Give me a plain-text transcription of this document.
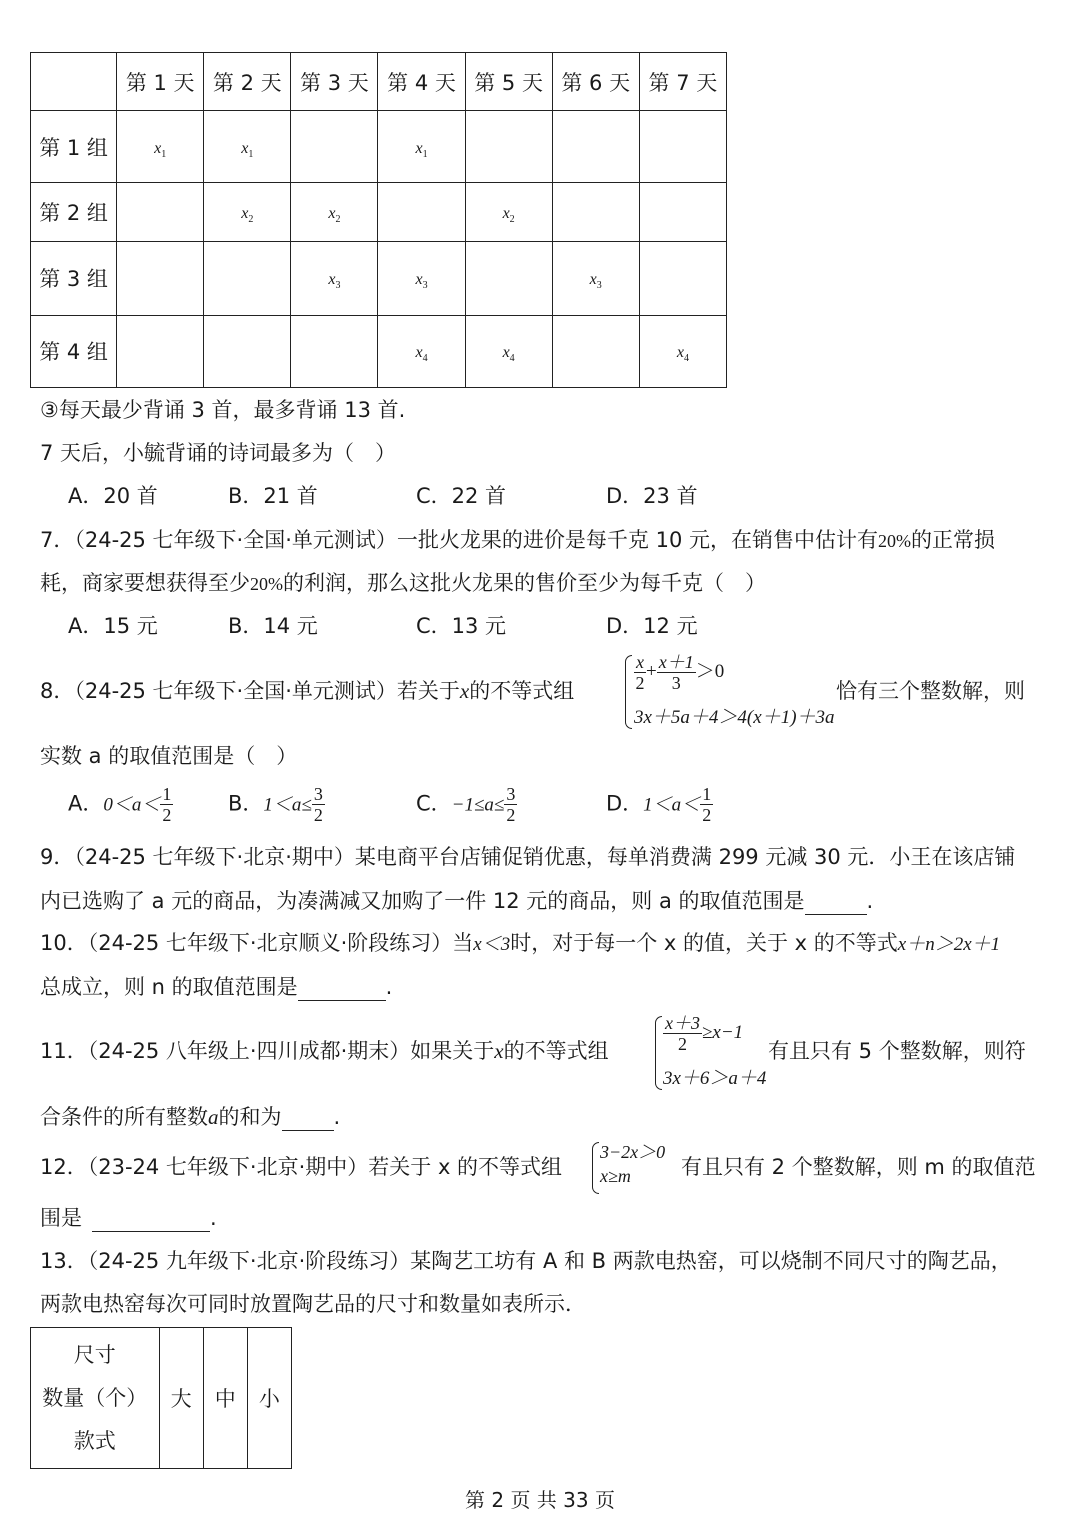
	第 1 天	第 2 天	第 3 天	第 4 天	第 5 天	第 6 天	第 7 天
第 1 组	$x_1$	$x_1$		$x_1$			
第 2 组		$x_2$	$x_2$		$x_2$		
第 3 组			$x_3$	$x_3$		$x_3$	
第 4 组				$x_4$	$x_4$		$x_4$
③每天最少背诵 3 首，最多背诵 13 首.
7 天后，小毓背诵的诗词最多为（　）
A．20 首	B．21 首	C．22 首	D．23 首
7．（24-25 七年级下·全国·单元测试）一批火龙果的进价是每千克 10 元，在销售中估计有20%的正常损
耗，商家要想获得至少20%的利润，那么这批火龙果的售价至少为每千克（　）
A．15 元	B．14 元	C．13 元	D．12 元
8．（24-25 七年级下·全国·单元测试）若关于x的不等式组	$\frac{x}{2} + \frac{x+1}{3} >0$
3x＋5a＋4＞4(x＋1)＋3a
恰有三个整数解，则
实数 a 的取值范围是（　）
A．$0<a< \frac{1}{2}$	B．$1<a\le \frac{3}{2}$	C．$-1\le a\le \frac{3}{2}$	D．$1<a< \frac{1}{2}$
9．（24-25 七年级下·北京·期中）某电商平台店铺促销优惠，每单消费满 299 元减 30 元．小王在该店铺
内已选购了 a 元的商品，为凑满减又加购了一件 12 元的商品，则 a 的取值范围是	.
10．（24-25 七年级下·北京顺义·阶段练习）当x＜3时，对于每一个 x 的值，关于 x 的不等式x＋n＞2x＋1
总成立，则 n 的取值范围是	.
11．（24-25 八年级上·四川成都·期末）如果关于x的不等式组	$\frac{x+3}{2} \ge x-1$
3x＋6＞a＋4
有且只有 5 个整数解，则符
合条件的所有整数a的和为 .
12．（23-24 七年级下·北京·期中）若关于 x 的不等式组
3−2x＞0
x≥m 有且只有 2 个整数解，则 m 的取值范
围是	.
13．（24-25 九年级下·北京·阶段练习）某陶艺工坊有 A 和 B 两款电热窑，可以烧制不同尺寸的陶艺品，
两款电热窑每次可同时放置陶艺品的尺寸和数量如表所示．
尺寸
数量（个）
款式
	大	中	小
第 2 页 共 33 页
